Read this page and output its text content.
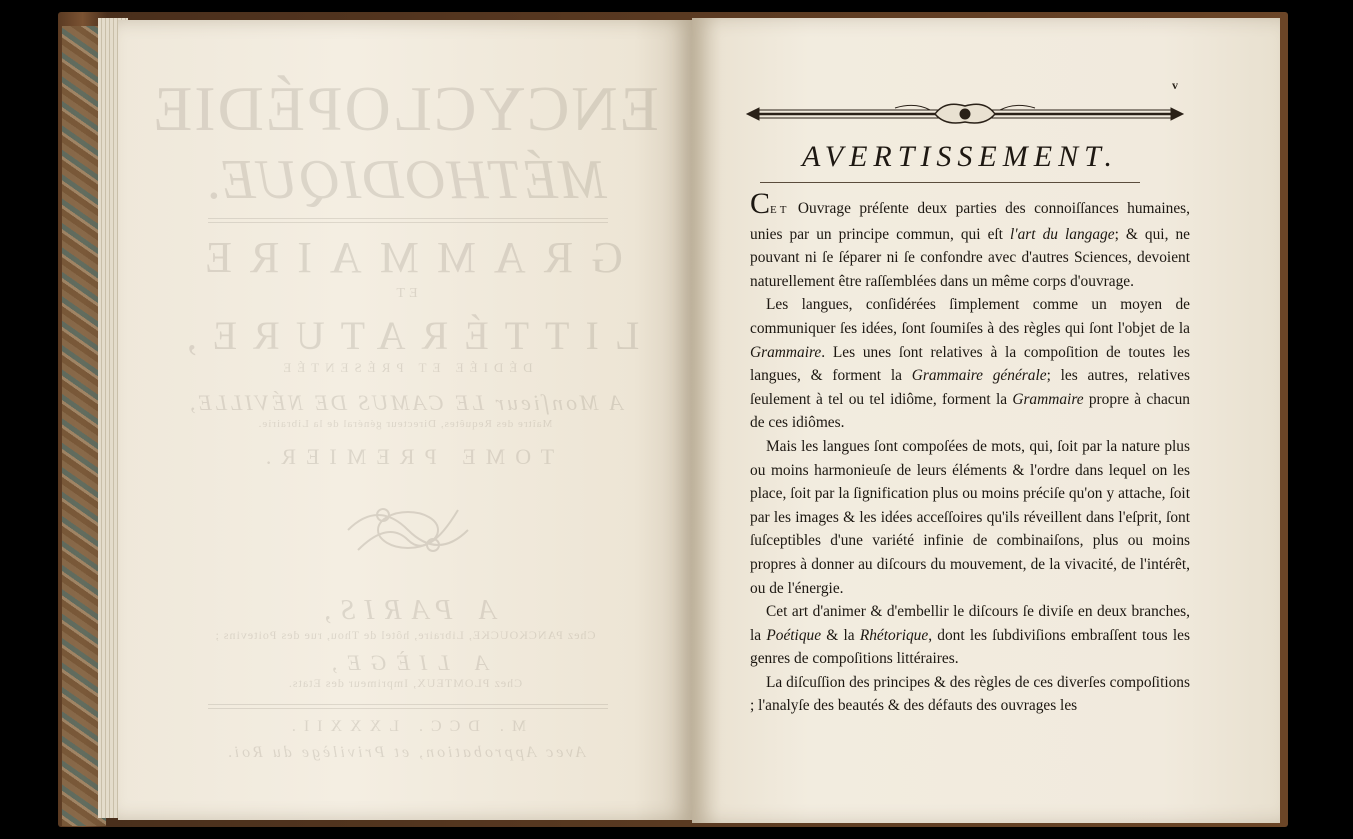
ENCYCLOPÉDIE
MÉTHODIQUE.
GRAMMAIRE
ET
LITTÉRATURE,
DÉDIÉE ET PRÉSENTÉE
A Monſieur LE CAMUS DE NÉVILLE,
Maître des Requêtes, Directeur général de la Librairie.
TOME PREMIER.
A PARIS,
Chez PANCKOUCKE, Libraire, hôtel de Thou, rue des Poitevins ;
A LIÈGE,
Chez PLOMTEUX, Imprimeur des Etats.
M. DCC. LXXXII.
Avec Approbation, et Privilège du Roi.
v
AVERTISSEMENT.

CET Ouvrage préſente deux parties des connoiſſances humaines, unies par un principe commun, qui eſt l'art du langage; & qui, ne pouvant ni ſe ſéparer ni ſe confondre avec d'autres Sciences, devoient naturellement être raſſemblées dans un même corps d'ouvrage.

Les langues, conſidérées ſimplement comme un moyen de communiquer ſes idées, ſont ſoumiſes à des règles qui ſont l'objet de la Grammaire. Les unes ſont relatives à la compoſition de toutes les langues, & forment la Grammaire générale; les autres, relatives ſeulement à tel ou tel idiôme, forment la Grammaire propre à chacun de ces idiômes.

Mais les langues ſont compoſées de mots, qui, ſoit par la nature plus ou moins harmonieuſe de leurs éléments & l'ordre dans lequel on les place, ſoit par la ſignification plus ou moins préciſe qu'on y attache, ſoit par les images & les idées acceſſoires qu'ils réveillent dans l'eſprit, ſont ſuſceptibles d'une variété infinie de combinaiſons, plus ou moins propres à donner au diſcours du mouvement, de la vivacité, de l'intérêt, ou de l'énergie.

Cet art d'animer & d'embellir le diſcours ſe diviſe en deux branches, la Poétique & la Rhétorique, dont les ſubdiviſions embraſſent tous les genres de compoſitions littéraires.

La diſcuſſion des principes & des règles de ces diverſes compoſitions ; l'analyſe des beautés & des défauts des ouvrages les
